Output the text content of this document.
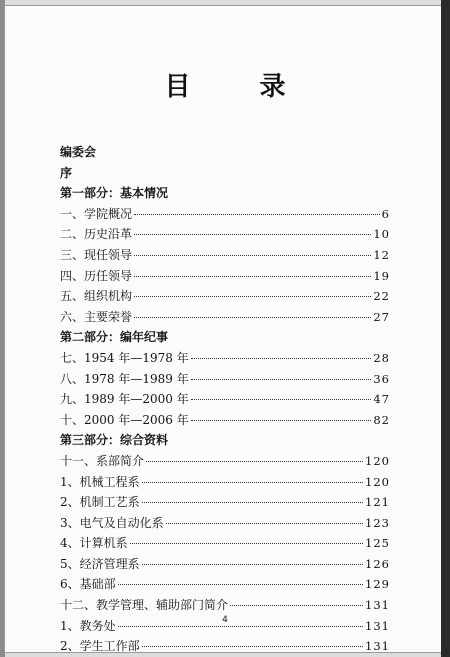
目 录
编委会
序
第一部分：基本情况
一、学院概况	6
二、历史沿革	10
三、现任领导	12
四、历任领导	19
五、组织机构	22
六、主要荣誉	27
第二部分：编年纪事
七、1954 年—1978 年	28
八、1978 年—1989 年	36
九、1989 年—2000 年	47
十、2000 年—2006 年	82
第三部分：综合资料
十一、系部简介	120
1、机械工程系	120
2、机制工艺系	121
3、电气及自动化系	123
4、计算机系	125
5、经济管理系	126
6、基础部	129
十二、教学管理、辅助部门简介	131
1、教务处	131
2、学生工作部	131
4
